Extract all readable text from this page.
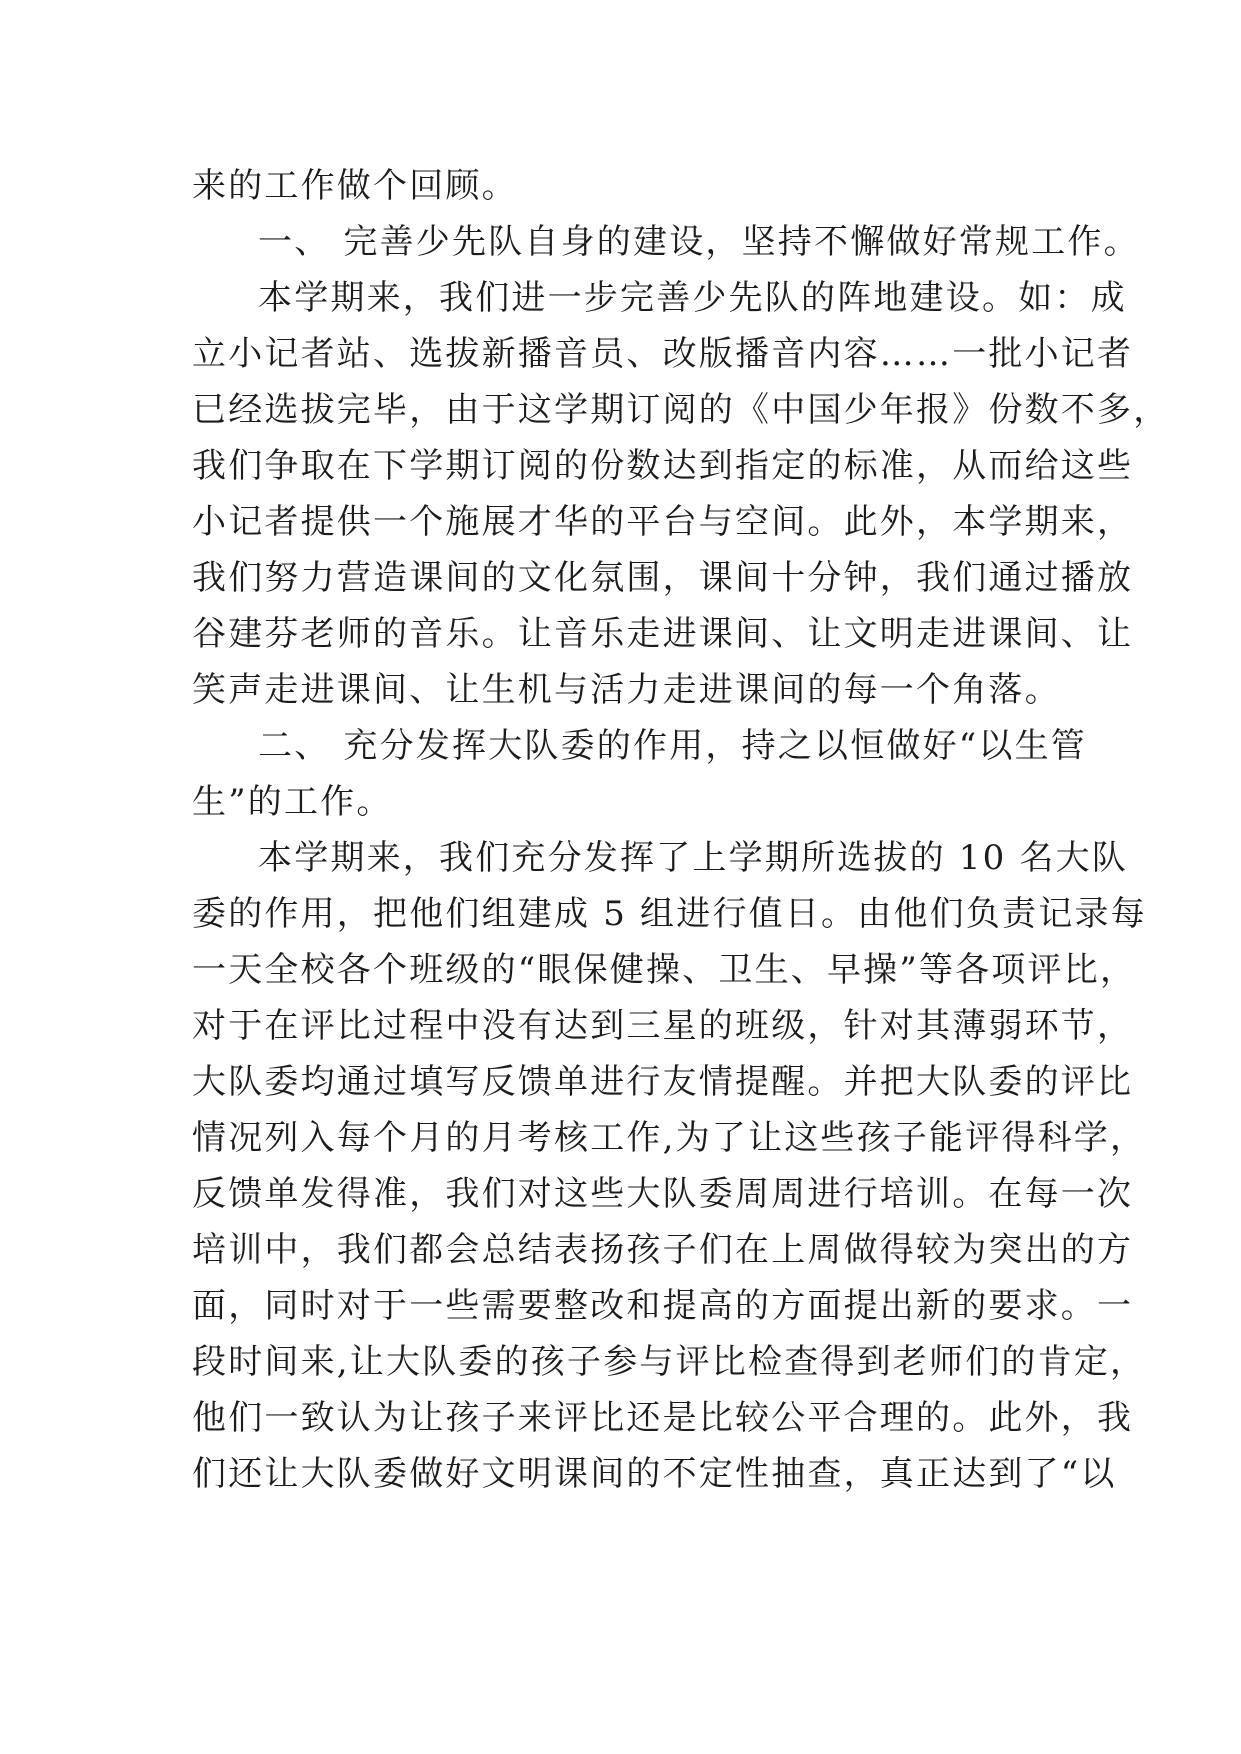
来的工作做个回顾。
一、 完善少先队自身的建设，坚持不懈做好常规工作。
本学期来，我们进一步完善少先队的阵地建设。如：成
立小记者站、选拔新播音员、改版播音内容……一批小记者
已经选拔完毕，由于这学期订阅的《中国少年报》份数不多，
我们争取在下学期订阅的份数达到指定的标准，从而给这些
小记者提供一个施展才华的平台与空间。此外，本学期来，
我们努力营造课间的文化氛围，课间十分钟，我们通过播放
谷建芬老师的音乐。让音乐走进课间、让文明走进课间、让
笑声走进课间、让生机与活力走进课间的每一个角落。
二、 充分发挥大队委的作用，持之以恒做好“以生管
生”的工作。
本学期来，我们充分发挥了上学期所选拔的 10 名大队
委的作用，把他们组建成 5 组进行值日。由他们负责记录每
一天全校各个班级的“眼保健操、卫生、早操”等各项评比，
对于在评比过程中没有达到三星的班级，针对其薄弱环节，
大队委均通过填写反馈单进行友情提醒。并把大队委的评比
情况列入每个月的月考核工作,为了让这些孩子能评得科学，
反馈单发得准，我们对这些大队委周周进行培训。在每一次
培训中，我们都会总结表扬孩子们在上周做得较为突出的方
面，同时对于一些需要整改和提高的方面提出新的要求。一
段时间来,让大队委的孩子参与评比检查得到老师们的肯定，
他们一致认为让孩子来评比还是比较公平合理的。此外，我
们还让大队委做好文明课间的不定性抽查，真正达到了“以
